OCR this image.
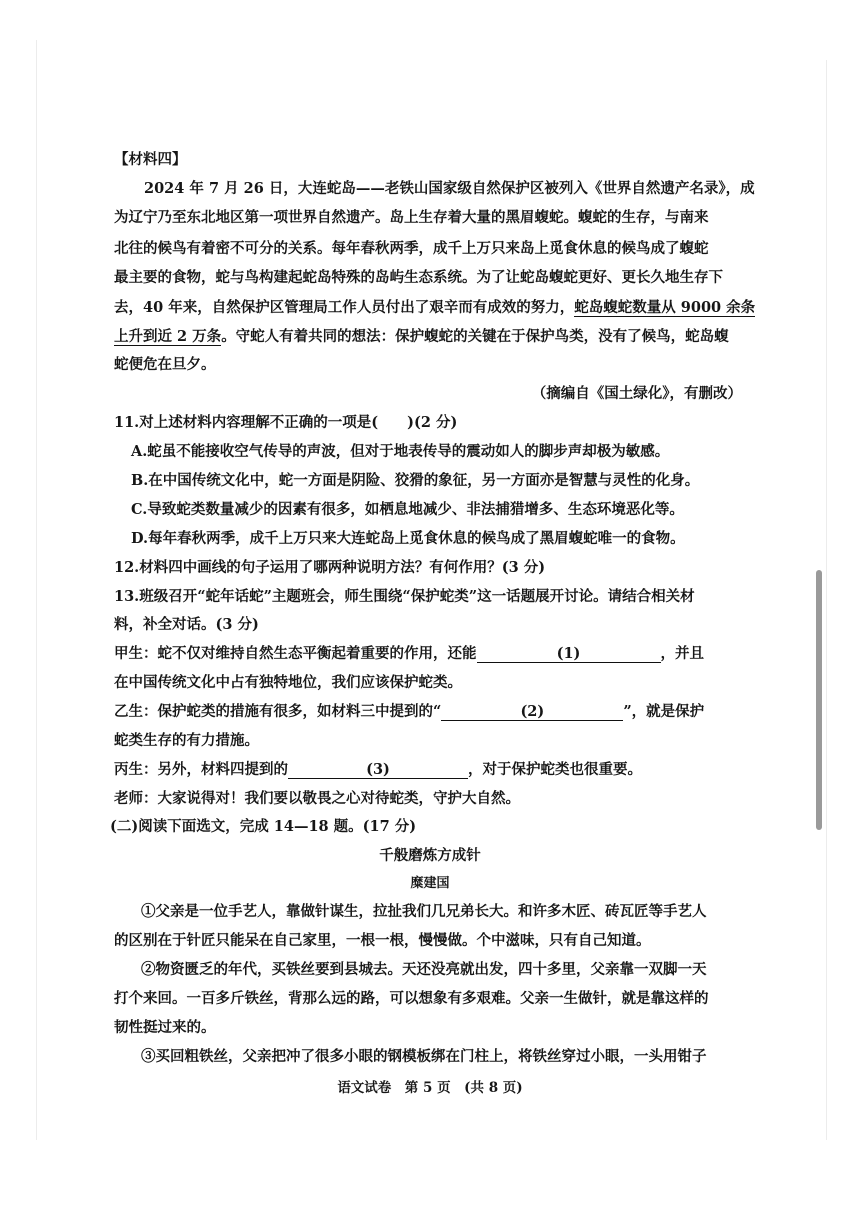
【材料四】
2024 年 7 月 26 日，大连蛇岛——老铁山国家级自然保护区被列入《世界自然遗产名录》，成
为辽宁乃至东北地区第一项世界自然遗产。岛上生存着大量的黑眉蝮蛇。蝮蛇的生存，与南来
北往的候鸟有着密不可分的关系。每年春秋两季，成千上万只来岛上觅食休息的候鸟成了蝮蛇
最主要的食物，蛇与鸟构建起蛇岛特殊的岛屿生态系统。为了让蛇岛蝮蛇更好、更长久地生存下
去，40 年来，自然保护区管理局工作人员付出了艰辛而有成效的努力，蛇岛蝮蛇数量从 9000 余条
上升到近 2 万条。守蛇人有着共同的想法：保护蝮蛇的关键在于保护鸟类，没有了候鸟，蛇岛蝮
蛇便危在旦夕。
（摘编自《国土绿化》，有删改）
11.对上述材料内容理解不正确的一项是(　　)(2 分)
A.蛇虽不能接收空气传导的声波，但对于地表传导的震动如人的脚步声却极为敏感。
B.在中国传统文化中，蛇一方面是阴险、狡猾的象征，另一方面亦是智慧与灵性的化身。
C.导致蛇类数量减少的因素有很多，如栖息地减少、非法捕猎增多、生态环境恶化等。
D.每年春秋两季，成千上万只来大连蛇岛上觅食休息的候鸟成了黑眉蝮蛇唯一的食物。
12.材料四中画线的句子运用了哪两种说明方法？有何作用？(3 分)
13.班级召开“蛇年话蛇”主题班会，师生围绕“保护蛇类”这一话题展开讨论。请结合相关材
料，补全对话。(3 分)
甲生：蛇不仅对维持自然生态平衡起着重要的作用，还能	(1)	，并且
在中国传统文化中占有独特地位，我们应该保护蛇类。
乙生：保护蛇类的措施有很多，如材料三中提到的“	(2)	”，就是保护
蛇类生存的有力措施。
丙生：另外，材料四提到的	(3)	，对于保护蛇类也很重要。
老师：大家说得对！我们要以敬畏之心对待蛇类，守护大自然。
(二)阅读下面选文，完成 14—18 题。(17 分)
千般磨炼方成针
糜建国
①父亲是一位手艺人，靠做针谋生，拉扯我们几兄弟长大。和许多木匠、砖瓦匠等手艺人
的区别在于针匠只能呆在自己家里，一根一根，慢慢做。个中滋味，只有自己知道。
②物资匮乏的年代，买铁丝要到县城去。天还没亮就出发，四十多里，父亲靠一双脚一天
打个来回。一百多斤铁丝，背那么远的路，可以想象有多艰难。父亲一生做针，就是靠这样的
韧性挺过来的。
③买回粗铁丝，父亲把冲了很多小眼的钢模板绑在门柱上，将铁丝穿过小眼，一头用钳子
语文试卷　第 5 页　(共 8 页)
